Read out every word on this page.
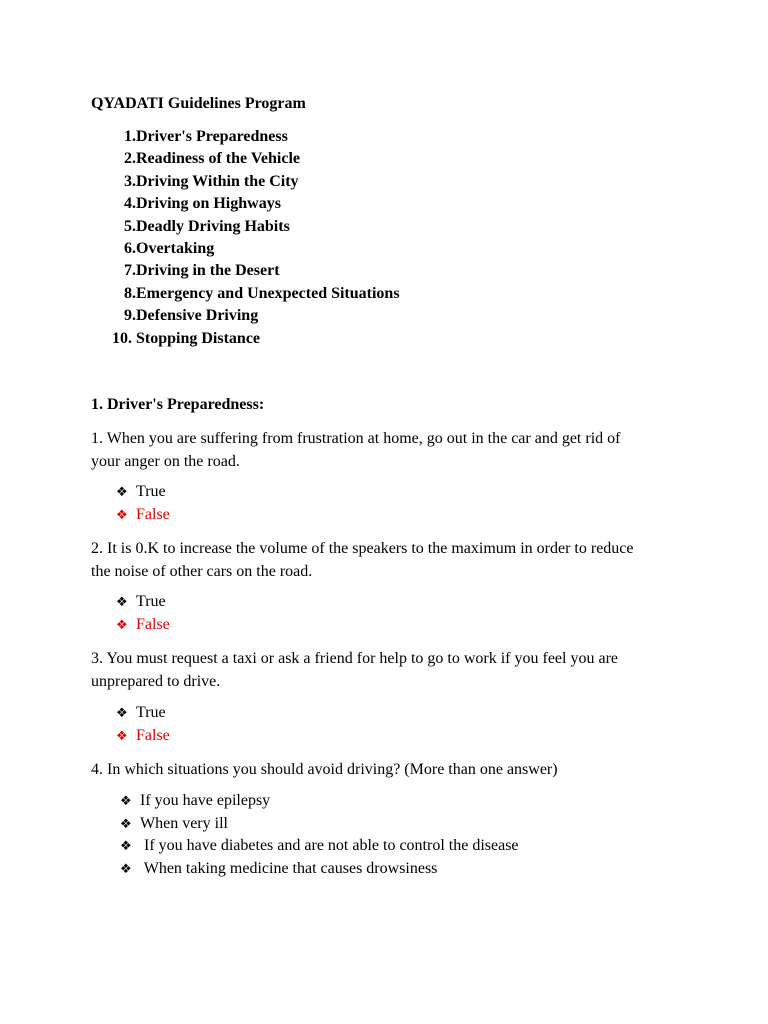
QYADATI Guidelines Program
1. Driver's Preparedness
2. Readiness of the Vehicle
3. Driving Within the City
4. Driving on Highways
5. Deadly Driving Habits
6. Overtaking
7. Driving in the Desert
8. Emergency and Unexpected Situations
9. Defensive Driving
10. Stopping Distance
1. Driver's Preparedness:
1. When you are suffering from frustration at home, go out in the car and get rid of your anger on the road.
❖ True
❖ False
2. It is 0.K to increase the volume of the speakers to the maximum in order to reduce the noise of other cars on the road.
❖ True
❖ False
3. You must request a taxi or ask a friend for help to go to work if you feel you are unprepared to drive.
❖ True
❖ False
4. In which situations you should avoid driving? (More than one answer)
❖ If you have epilepsy
❖ When very ill
❖ If you have diabetes and are not able to control the disease
❖ When taking medicine that causes drowsiness
